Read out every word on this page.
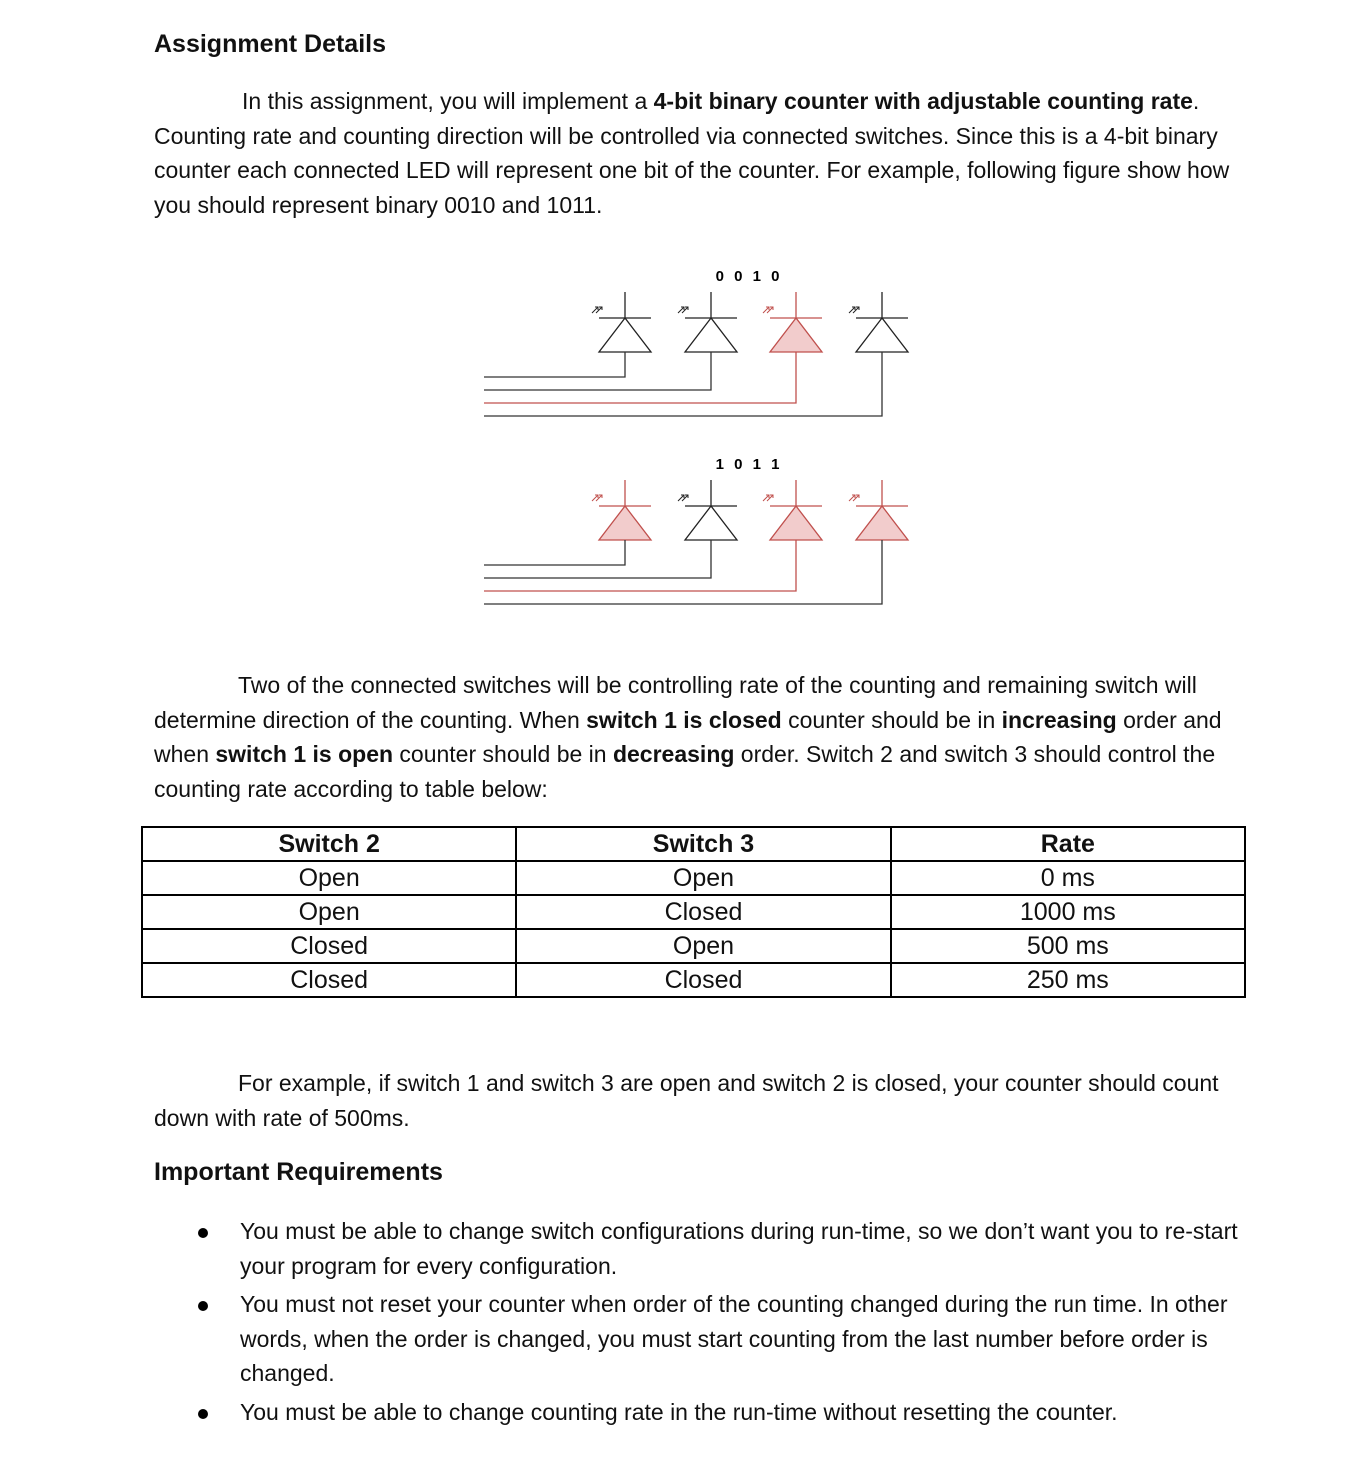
Assignment Details
In this assignment, you will implement a 4-bit binary counter with adjustable counting rate. Counting rate and counting direction will be controlled via connected switches. Since this is a 4-bit binary counter each connected LED will represent one bit of the counter. For example, following figure show how you should represent binary 0010 and 1011.
0 0 1 0
1 0 1 1
Two of the connected switches will be controlling rate of the counting and remaining switch will determine direction of the counting. When switch 1 is closed counter should be in increasing order and when switch 1 is open counter should be in decreasing order. Switch 2 and switch 3 should control the counting rate according to table below:
Switch 2	Switch 3	Rate
Open	Open	0 ms
Open	Closed	1000 ms
Closed	Open	500 ms
Closed	Closed	250 ms
For example, if switch 1 and switch 3 are open and switch 2 is closed, your counter should count down with rate of 500ms.
Important Requirements
You must be able to change switch configurations during run-time, so we don’t want you to re-start your program for every configuration.
You must not reset your counter when order of the counting changed during the run time. In other words, when the order is changed, you must start counting from the last number before order is changed.
You must be able to change counting rate in the run-time without resetting the counter.
